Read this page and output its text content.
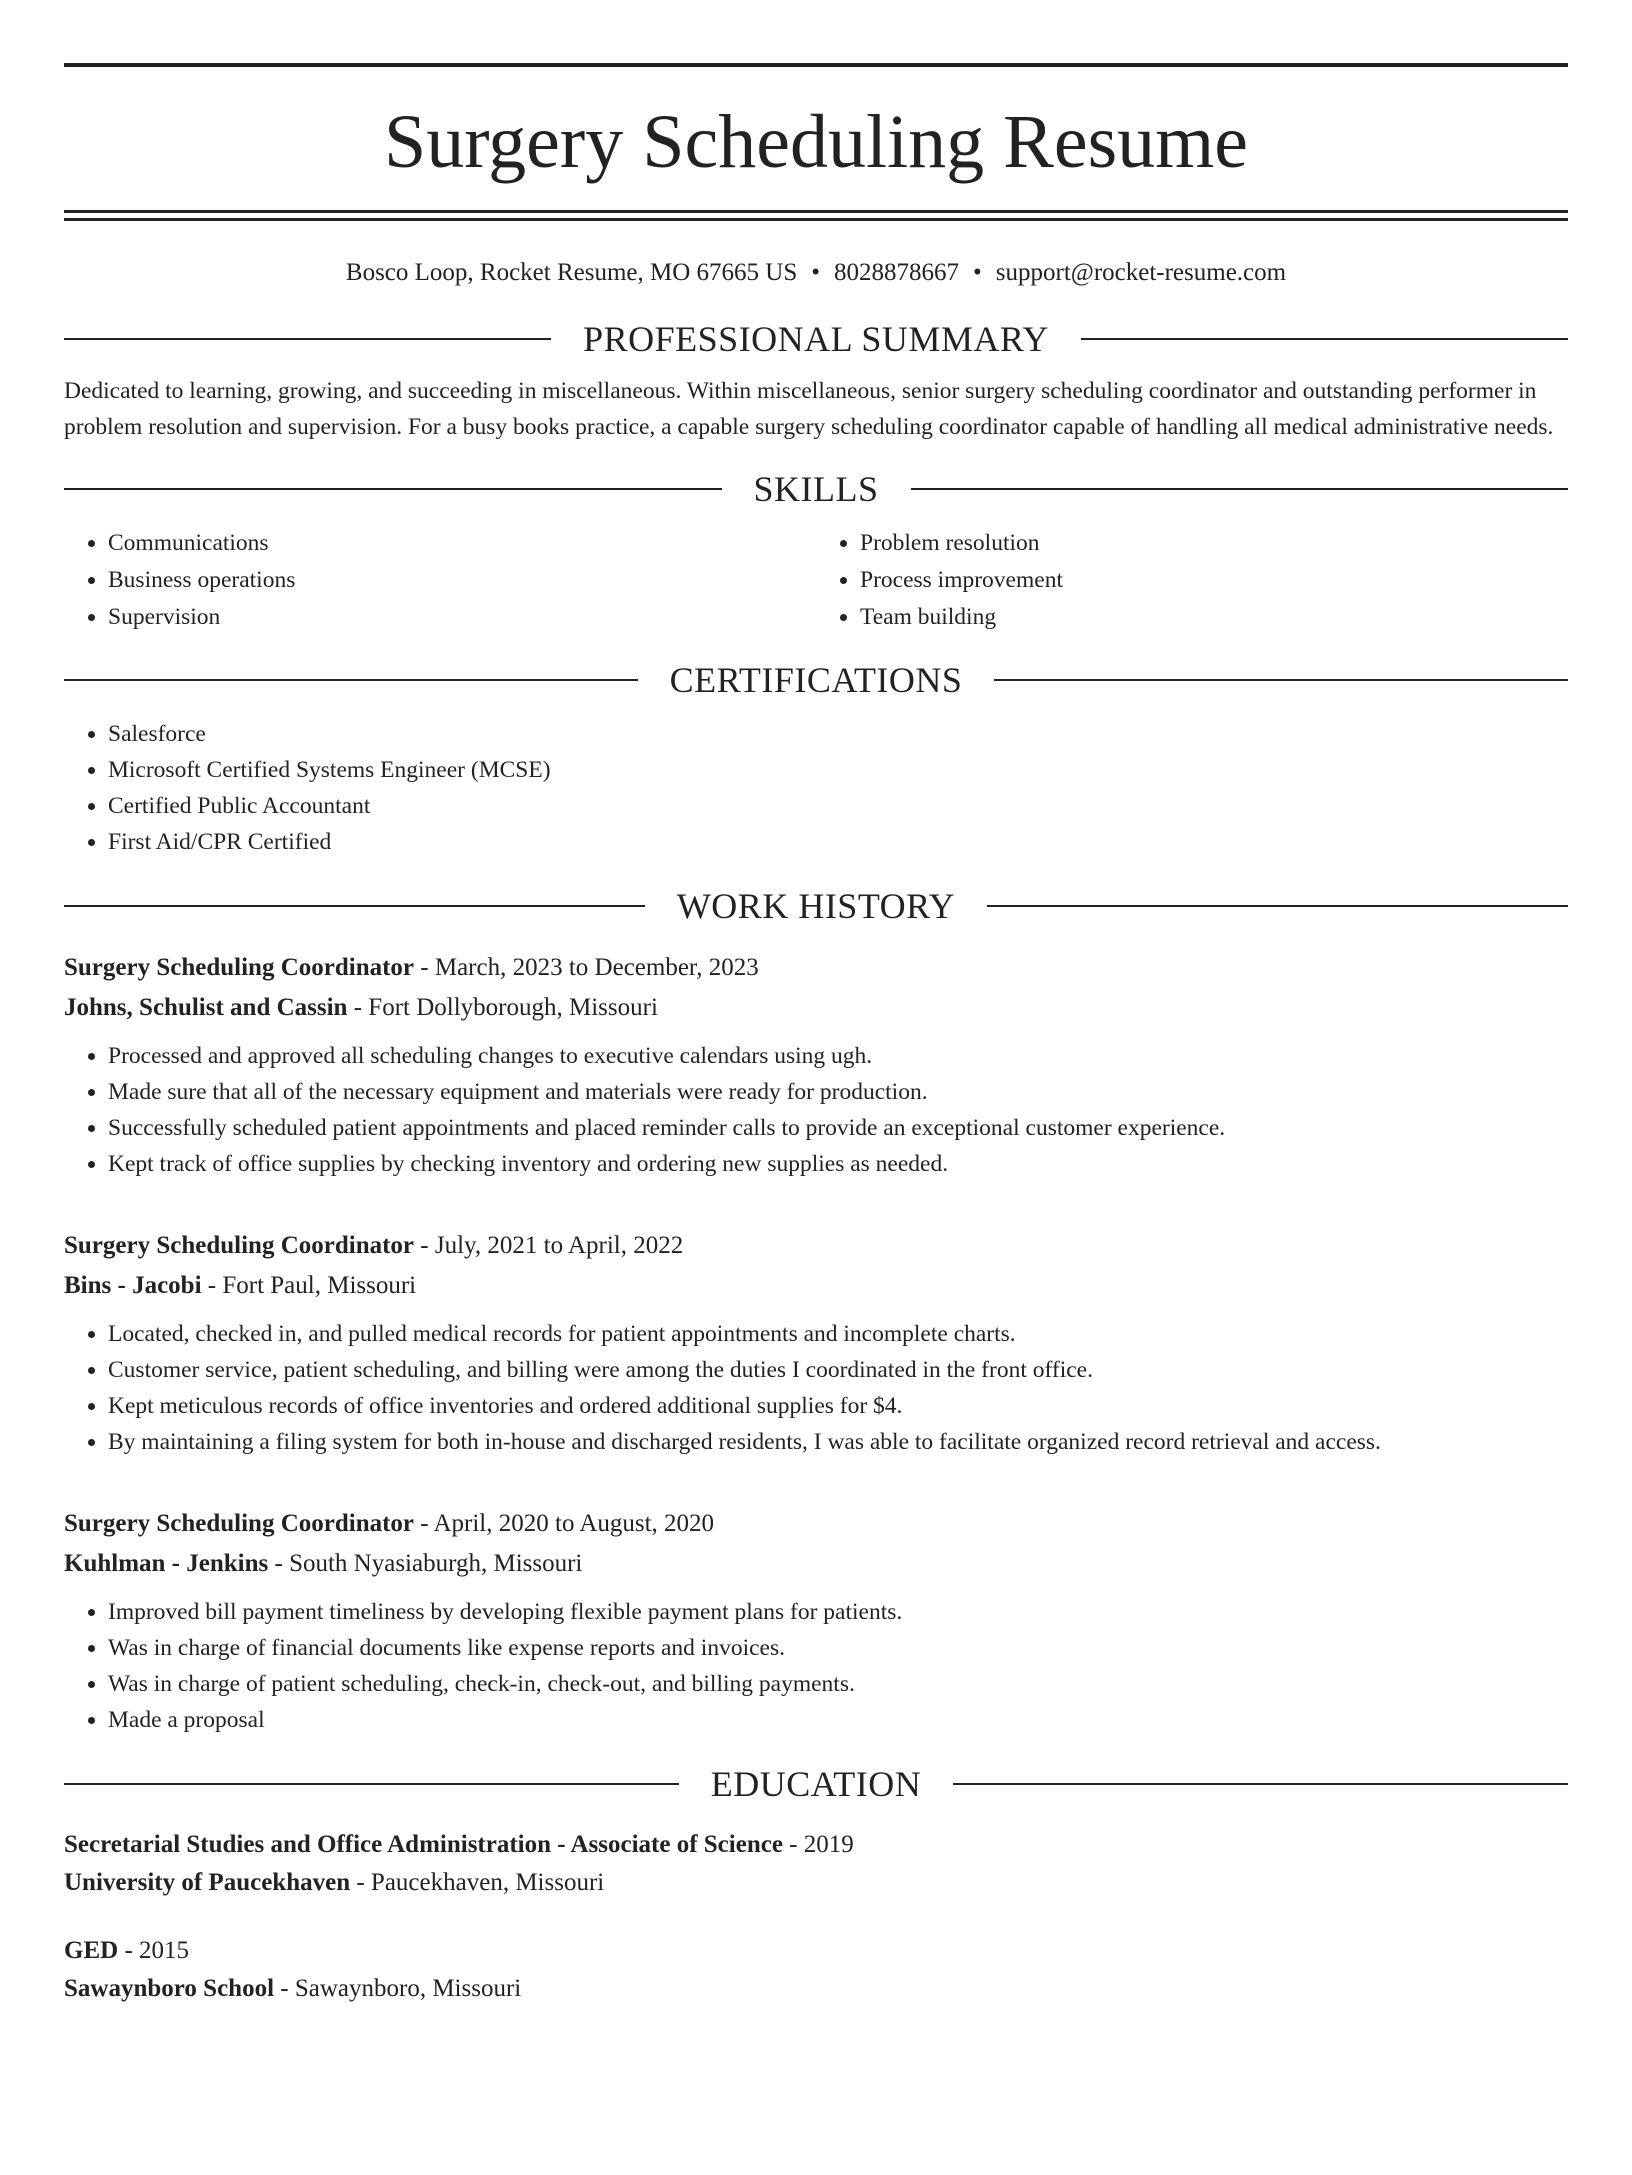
Surgery Scheduling Resume
Bosco Loop, Rocket Resume, MO 67665 US • 8028878667 • support@rocket-resume.com
PROFESSIONAL SUMMARY

Dedicated to learning, growing, and succeeding in miscellaneous. Within miscellaneous, senior surgery scheduling coordinator and outstanding performer in problem resolution and supervision. For a busy books practice, a capable surgery scheduling coordinator capable of handling all medical administrative needs.

SKILLS
• Communications
• Business operations
• Supervision
• Problem resolution
• Process improvement
• Team building
CERTIFICATIONS
• Salesforce
• Microsoft Certified Systems Engineer (MCSE)
• Certified Public Accountant
• First Aid/CPR Certified
WORK HISTORY
Surgery Scheduling Coordinator - March, 2023 to December, 2023
Johns, Schulist and Cassin - Fort Dollyborough, Missouri
• Processed and approved all scheduling changes to executive calendars using ugh.
• Made sure that all of the necessary equipment and materials were ready for production.
• Successfully scheduled patient appointments and placed reminder calls to provide an exceptional customer experience.
• Kept track of office supplies by checking inventory and ordering new supplies as needed.
Surgery Scheduling Coordinator - July, 2021 to April, 2022
Bins - Jacobi - Fort Paul, Missouri
• Located, checked in, and pulled medical records for patient appointments and incomplete charts.
• Customer service, patient scheduling, and billing were among the duties I coordinated in the front office.
• Kept meticulous records of office inventories and ordered additional supplies for $4.
• By maintaining a filing system for both in-house and discharged residents, I was able to facilitate organized record retrieval and access.
Surgery Scheduling Coordinator - April, 2020 to August, 2020
Kuhlman - Jenkins - South Nyasiaburgh, Missouri
• Improved bill payment timeliness by developing flexible payment plans for patients.
• Was in charge of financial documents like expense reports and invoices.
• Was in charge of patient scheduling, check-in, check-out, and billing payments.
• Made a proposal
EDUCATION
Secretarial Studies and Office Administration - Associate of Science - 2019
University of Paucekhaven - Paucekhaven, Missouri
GED - 2015
Sawaynboro School - Sawaynboro, Missouri
